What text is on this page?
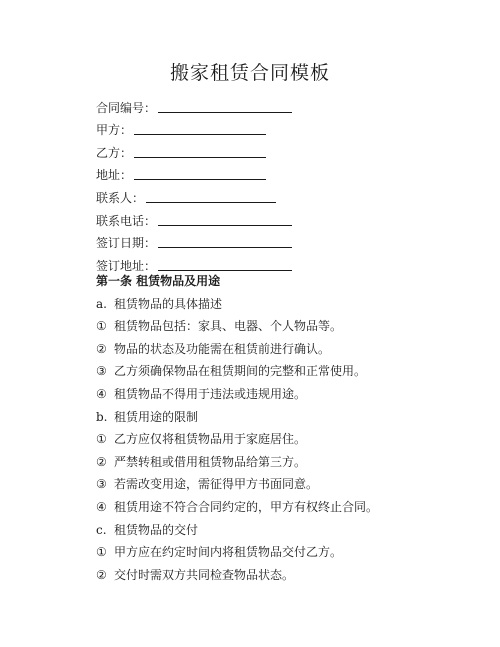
搬家租赁合同模板
合同编号：
甲方：
乙方：
地址：
联系人：
联系电话：
签订日期：
签订地址：
第一条 租赁物品及用途
a. 租赁物品的具体描述
① 租赁物品包括：家具、电器、个人物品等。
② 物品的状态及功能需在租赁前进行确认。
③ 乙方须确保物品在租赁期间的完整和正常使用。
④ 租赁物品不得用于违法或违规用途。
b. 租赁用途的限制
① 乙方应仅将租赁物品用于家庭居住。
② 严禁转租或借用租赁物品给第三方。
③ 若需改变用途，需征得甲方书面同意。
④ 租赁用途不符合合同约定的，甲方有权终止合同。
c. 租赁物品的交付
① 甲方应在约定时间内将租赁物品交付乙方。
② 交付时需双方共同检查物品状态。
